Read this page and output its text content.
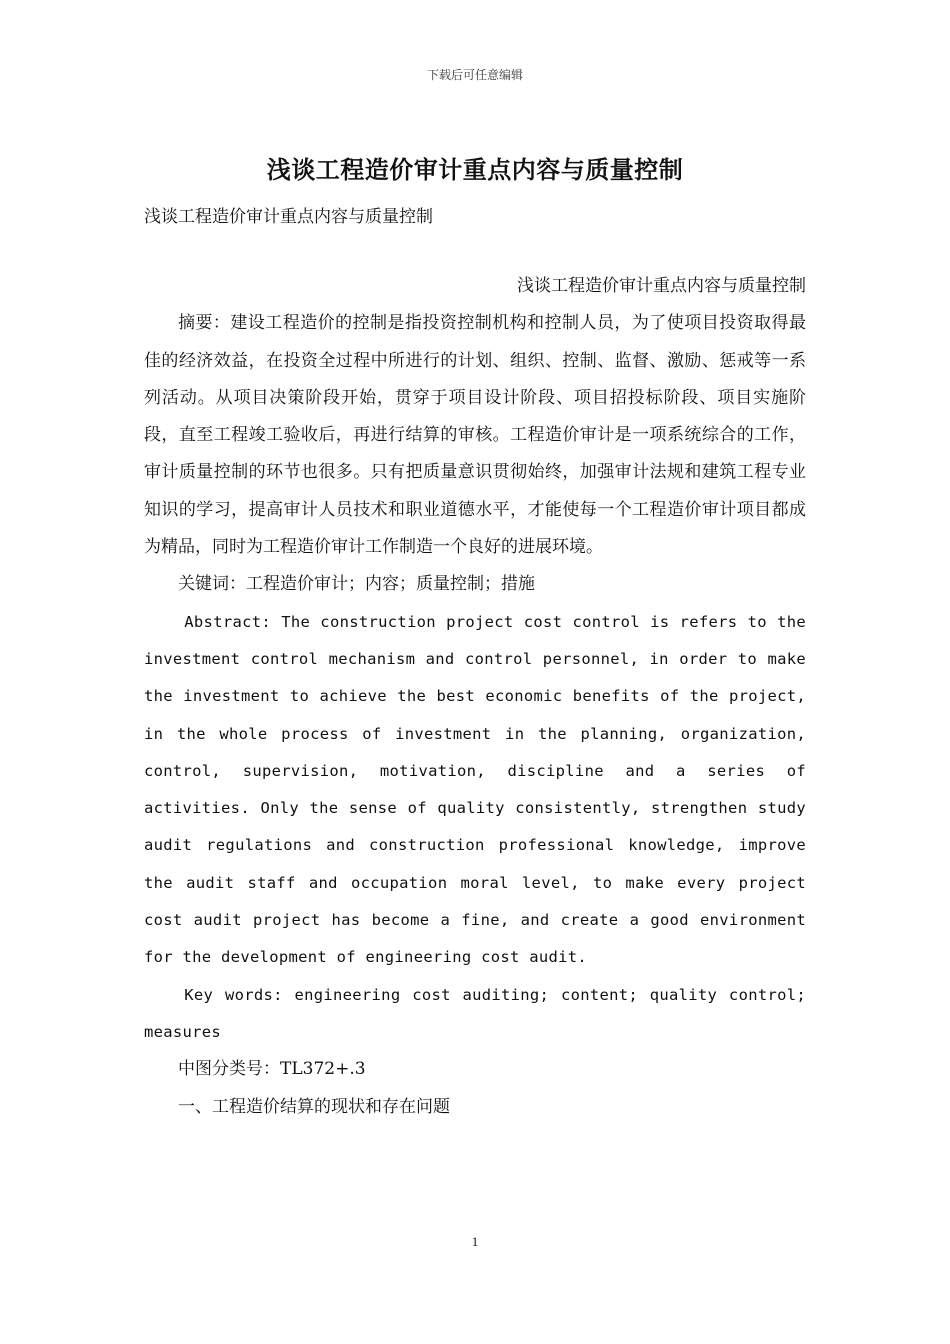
下载后可任意编辑
浅谈工程造价审计重点内容与质量控制

浅谈工程造价审计重点内容与质量控制

浅谈工程造价审计重点内容与质量控制

摘要：建设工程造价的控制是指投资控制机构和控制人员，为了使项目投资取得最佳的经济效益，在投资全过程中所进行的计划、组织、控制、监督、激励、惩戒等一系列活动。从项目决策阶段开始，贯穿于项目设计阶段、项目招投标阶段、项目实施阶段，直至工程竣工验收后，再进行结算的审核。工程造价审计是一项系统综合的工作，审计质量控制的环节也很多。只有把质量意识贯彻始终，加强审计法规和建筑工程专业知识的学习，提高审计人员技术和职业道德水平，才能使每一个工程造价审计项目都成为精品，同时为工程造价审计工作制造一个良好的进展环境。

关键词：工程造价审计；内容；质量控制；措施

Abstract: The construction project cost control is refers to the investment control mechanism and control personnel, in order to make the investment to achieve the best economic benefits of the project, in the whole process of investment in the planning, organization, control, supervision, motivation, discipline and a series of activities. Only the sense of quality consistently, strengthen study audit regulations and construction professional knowledge, improve the audit staff and occupation moral level, to make every project cost audit project has become a fine, and create a good environment for the development of engineering cost audit.

Key words: engineering cost auditing; content; quality control; measures

中图分类号：TL372+.3

一、工程造价结算的现状和存在问题

1
